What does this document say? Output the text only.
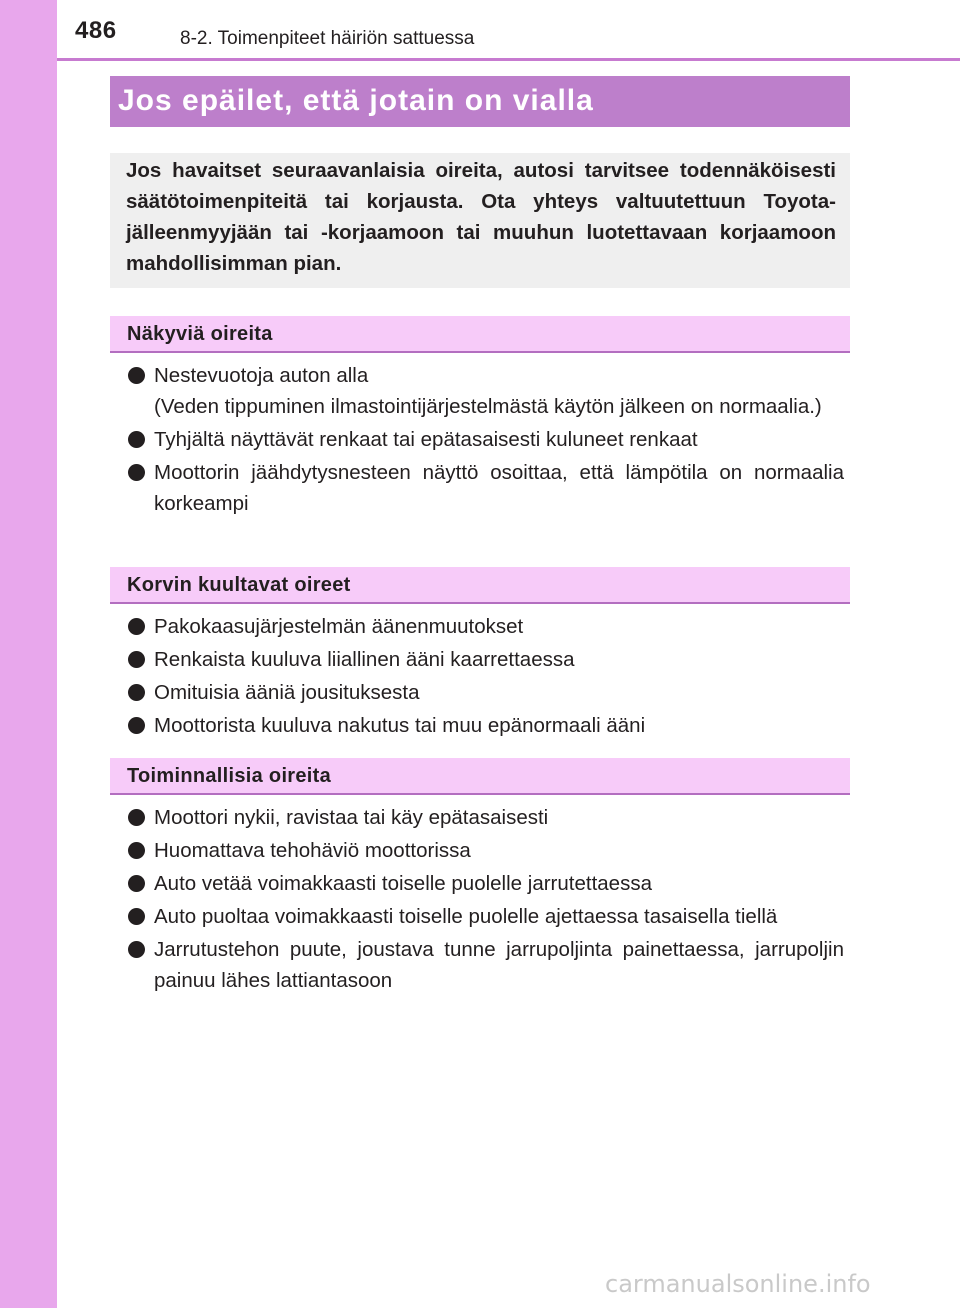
486	8-2. Toimenpiteet häiriön sattuessa
Jos epäilet, että jotain on vialla

Jos havaitset seuraavanlaisia oireita, autosi tarvitsee todennäköisesti säätötoimenpiteitä tai korjausta. Ota yhteys valtuutettuun Toyota-jälleenmyyjään tai -korjaamoon tai muuhun luotettavaan korjaamoon mahdollisimman pian.

Näkyviä oireita
Nestevuotoja auton alla
(Veden tippuminen ilmastointijärjestelmästä käytön jälkeen on normaalia.)
Tyhjältä näyttävät renkaat tai epätasaisesti kuluneet renkaat
Moottorin jäähdytysnesteen näyttö osoittaa, että lämpötila on normaalia korkeampi
Korvin kuultavat oireet
Pakokaasujärjestelmän äänenmuutokset
Renkaista kuuluva liiallinen ääni kaarrettaessa
Omituisia ääniä jousituksesta
Moottorista kuuluva nakutus tai muu epänormaali ääni
Toiminnallisia oireita
Moottori nykii, ravistaa tai käy epätasaisesti
Huomattava tehohäviö moottorissa
Auto vetää voimakkaasti toiselle puolelle jarrutettaessa
Auto puoltaa voimakkaasti toiselle puolelle ajettaessa tasaisella tiellä
Jarrutustehon puute, joustava tunne jarrupoljinta painettaessa, jarrupoljin painuu lähes lattiantasoon
carmanualsonline.info
